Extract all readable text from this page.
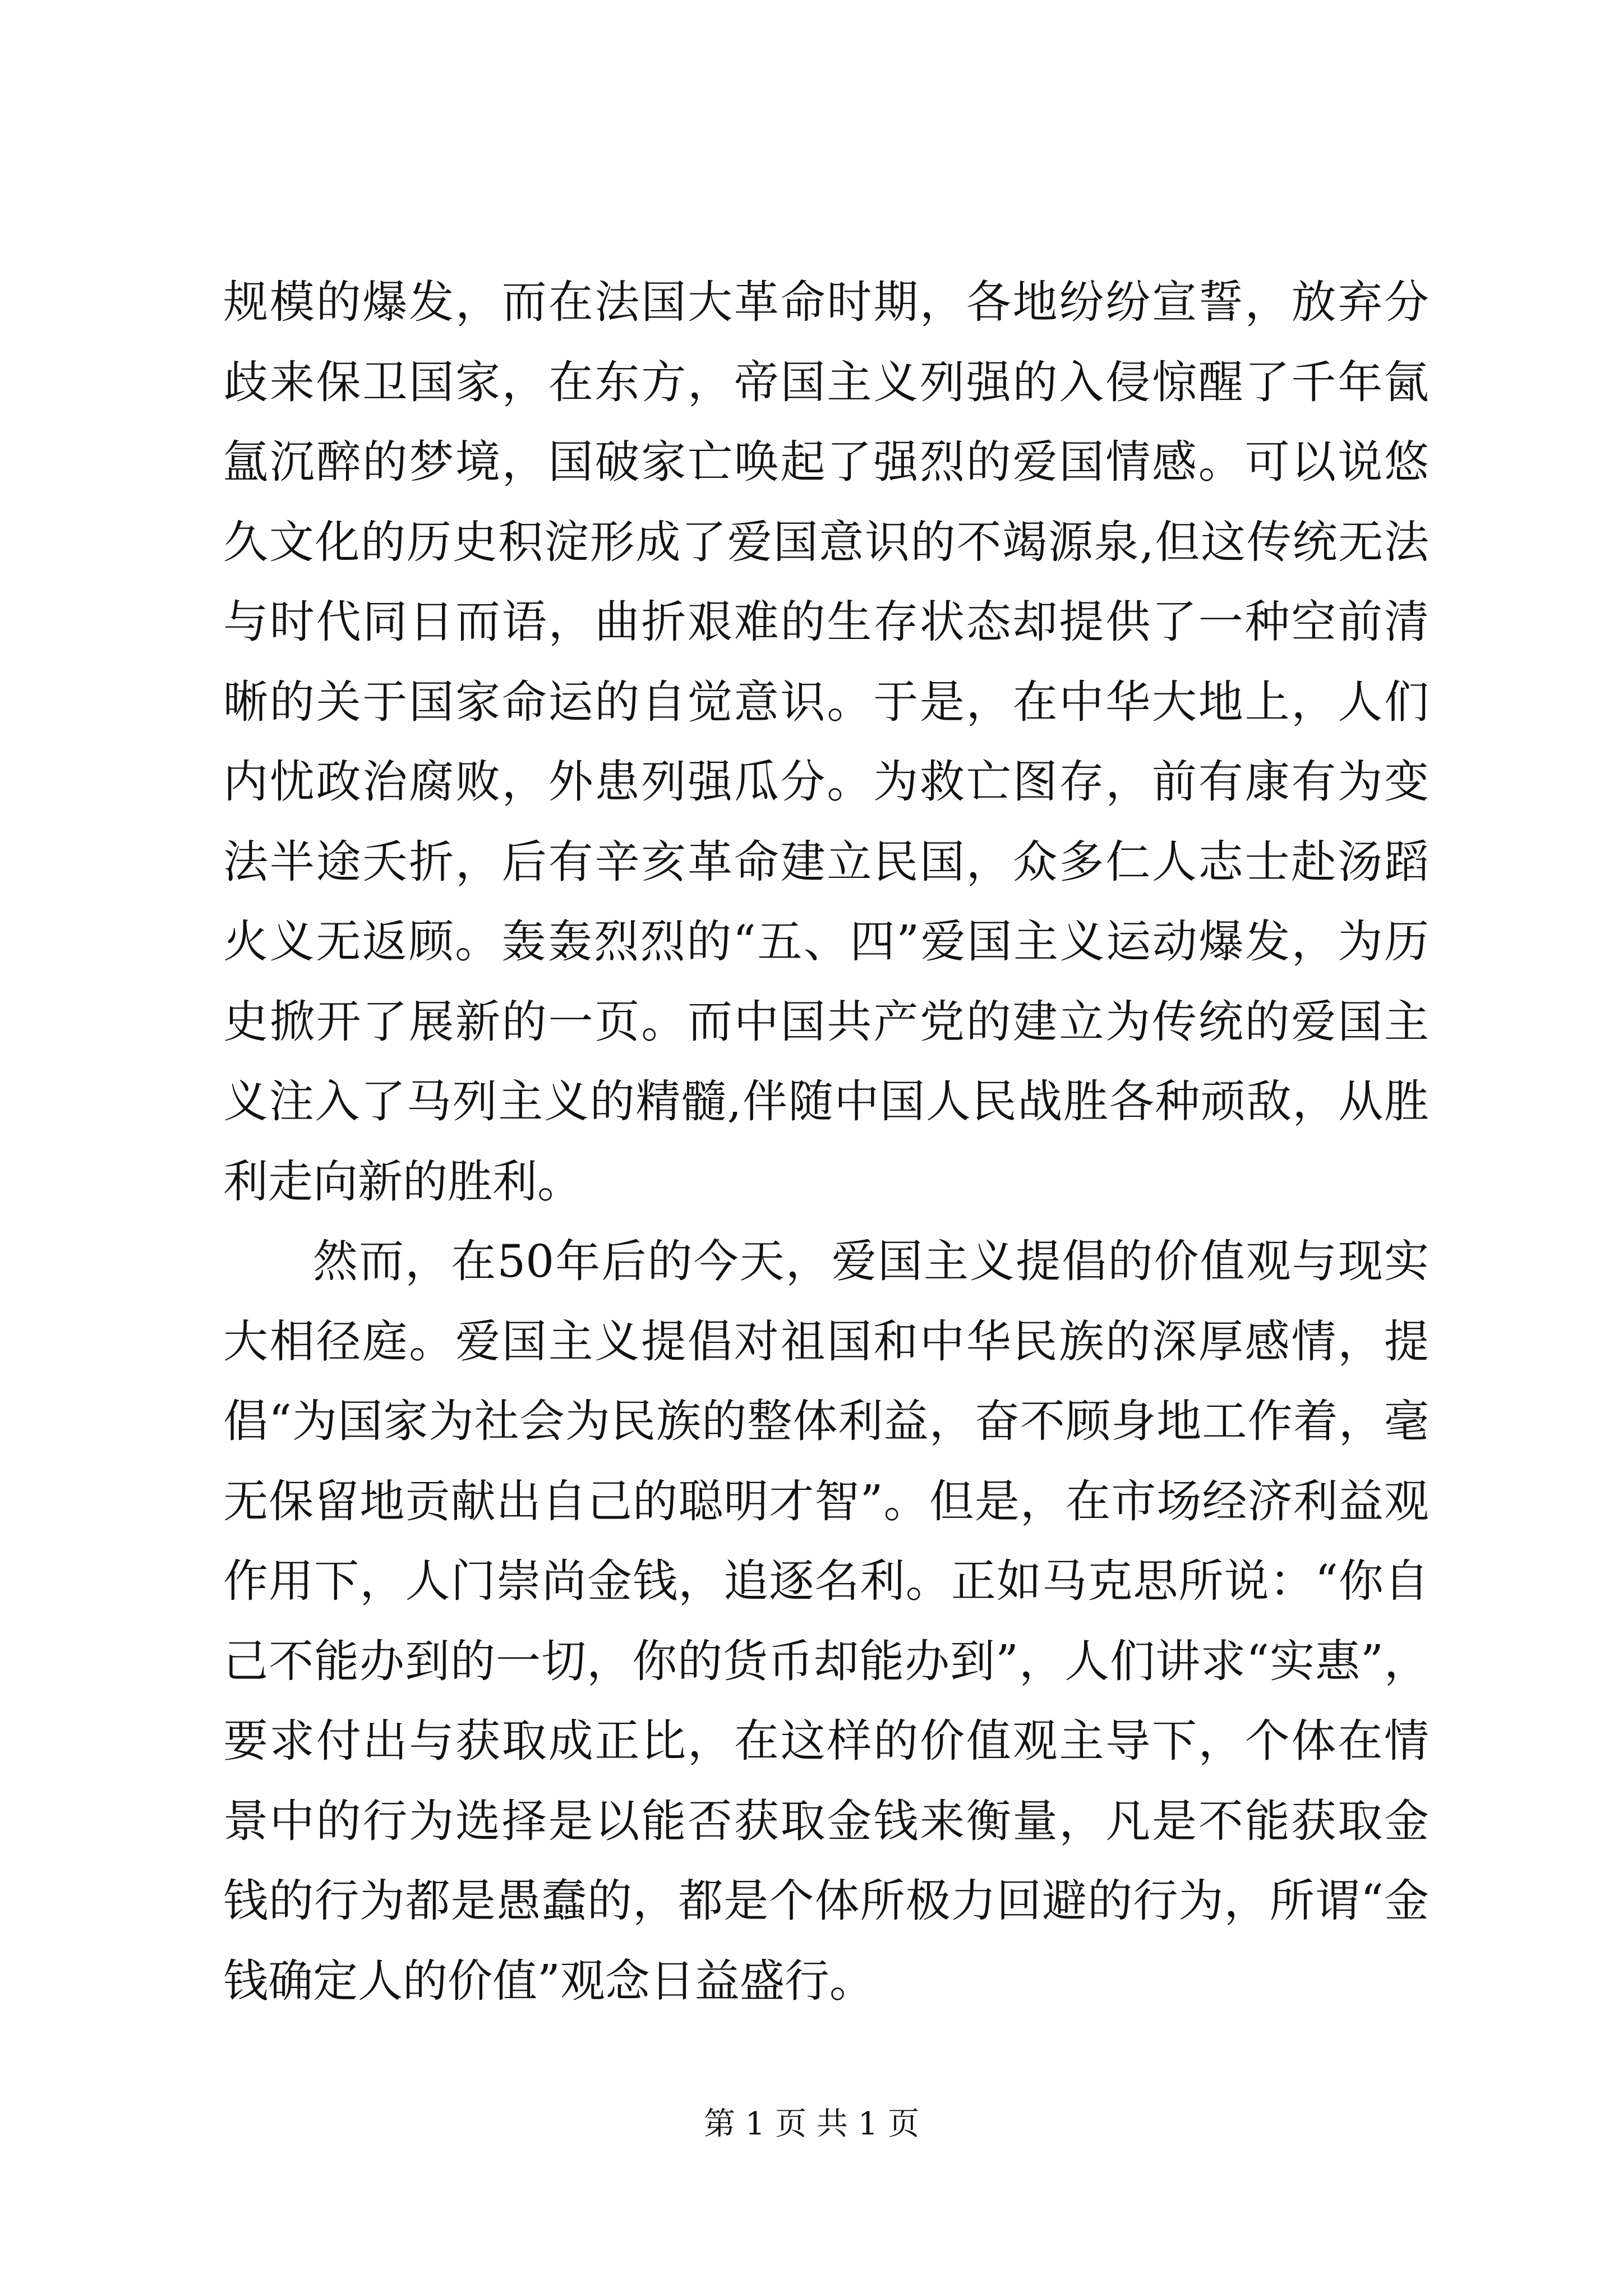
规模的爆发，而在法国大革命时期，各地纷纷宣誓，放弃分歧来保卫国家，在东方，帝国主义列强的入侵惊醒了千年氤氲沉醉的梦境，国破家亡唤起了强烈的爱国情感。可以说悠久文化的历史积淀形成了爱国意识的不竭源泉,但这传统无法与时代同日而语，曲折艰难的生存状态却提供了一种空前清晰的关于国家命运的自觉意识。于是，在中华大地上，人们内忧政治腐败，外患列强瓜分。为救亡图存，前有康有为变法半途夭折，后有辛亥革命建立民国，众多仁人志士赴汤蹈火义无返顾。轰轰烈烈的“五、四”爱国主义运动爆发，为历史掀开了展新的一页。而中国共产党的建立为传统的爱国主义注入了马列主义的精髓,伴随中国人民战胜各种顽敌，从胜利走向新的胜利。

然而，在50年后的今天，爱国主义提倡的价值观与现实大相径庭。爱国主义提倡对祖国和中华民族的深厚感情，提倡“为国家为社会为民族的整体利益，奋不顾身地工作着，毫无保留地贡献出自己的聪明才智”。但是，在市场经济利益观作用下，人门崇尚金钱，追逐名利。正如马克思所说：“你自己不能办到的一切，你的货币却能办到”，人们讲求“实惠”，要求付出与获取成正比，在这样的价值观主导下，个体在情景中的行为选择是以能否获取金钱来衡量，凡是不能获取金钱的行为都是愚蠢的，都是个体所极力回避的行为，所谓“金钱确定人的价值”观念日益盛行。

第 1 页 共 1 页
